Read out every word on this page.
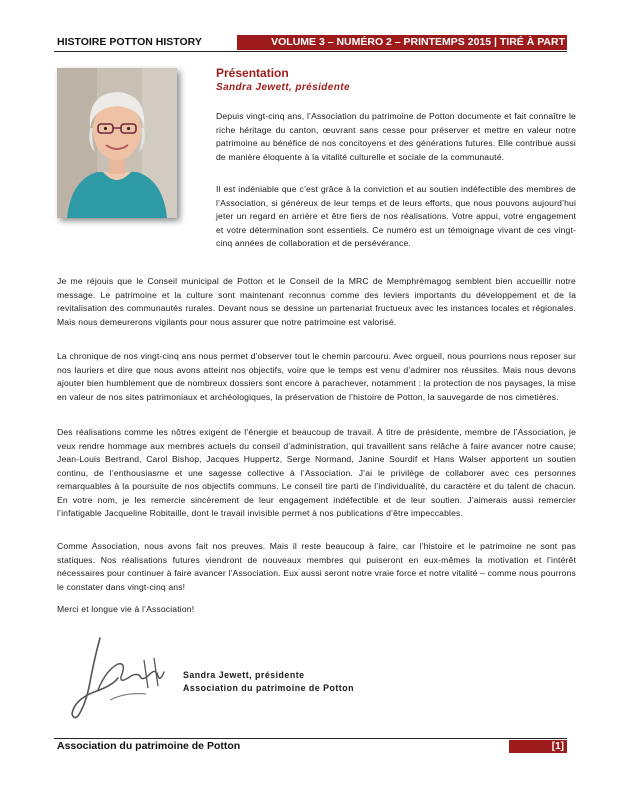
HISTOIRE POTTON HISTORY	VOLUME 3 – NUMÉRO 2 – PRINTEMPS 2015 | TIRÉ À PART
Présentation
Sandra Jewett, présidente

Depuis vingt-cinq ans, l’Association du patrimoine de Potton documente et fait connaître le riche héritage du canton, œuvrant sans cesse pour préserver et mettre en valeur notre patrimoine au bénéfice de nos concitoyens et des générations futures. Elle contribue aussi de manière éloquente à la vitalité culturelle et sociale de la communauté.

Il est indéniable que c’est grâce à la conviction et au soutien indéfectible des membres de l’Association, si généreux de leur temps et de leurs efforts, que nous pouvons aujourd’hui jeter un regard en arrière et être fiers de nos réalisations. Votre appui, votre engagement et votre détermination sont essentiels. Ce numéro est un témoignage vivant de ces vingt-cinq années de collaboration et de persévérance.

Je me réjouis que le Conseil municipal de Potton et le Conseil de la MRC de Memphrémagog semblent bien accueillir notre message. Le patrimoine et la culture sont maintenant reconnus comme des leviers importants du développement et de la revitalisation des communautés rurales. Devant nous se dessine un partenariat fructueux avec les instances locales et régionales. Mais nous demeurerons vigilants pour nous assurer que notre patrimoine est valorisé.

La chronique de nos vingt-cinq ans nous permet d’observer tout le chemin parcouru. Avec orgueil, nous pourrions nous reposer sur nos lauriers et dire que nous avons atteint nos objectifs, voire que le temps est venu d’admirer nos réussites. Mais nous devons ajouter bien humblement que de nombreux dossiers sont encore à parachever, notamment : la protection de nos paysages, la mise en valeur de nos sites patrimoniaux et archéologiques, la préservation de l’histoire de Potton, la sauvegarde de nos cimetières.

Des réalisations comme les nôtres exigent de l’énergie et beaucoup de travail. À titre de présidente, membre de l’Association, je veux rendre hommage aux membres actuels du conseil d’administration, qui travaillent sans relâche à faire avancer notre cause; Jean-Louis Bertrand, Carol Bishop, Jacques Huppertz, Serge Normand, Janine Sourdif et Hans Walser apportent un soutien continu, de l’enthousiasme et une sagesse collective à l’Association. J’ai le privilège de collaborer avec ces personnes remarquables à la poursuite de nos objectifs communs. Le conseil tire parti de l’individualité, du caractère et du talent de chacun. En votre nom, je les remercie sincèrement de leur engagement indéfectible et de leur soutien. J’aimerais aussi remercier l’infatigable Jacqueline Robitaille, dont le travail invisible permet à nos publications d’être impeccables.

Comme Association, nous avons fait nos preuves. Mais il reste beaucoup à faire, car l’histoire et le patrimoine ne sont pas statiques. Nos réalisations futures viendront de nouveaux membres qui puiseront en eux-mêmes la motivation et l’intérêt nécessaires pour continuer à faire avancer l’Association. Eux aussi seront notre vraie force et notre vitalité – comme nous pourrons le constater dans vingt-cinq ans!

Merci et longue vie à l’Association!

Sandra Jewett, présidente
Association du patrimoine de Potton
Association du patrimoine de Potton	[1]
